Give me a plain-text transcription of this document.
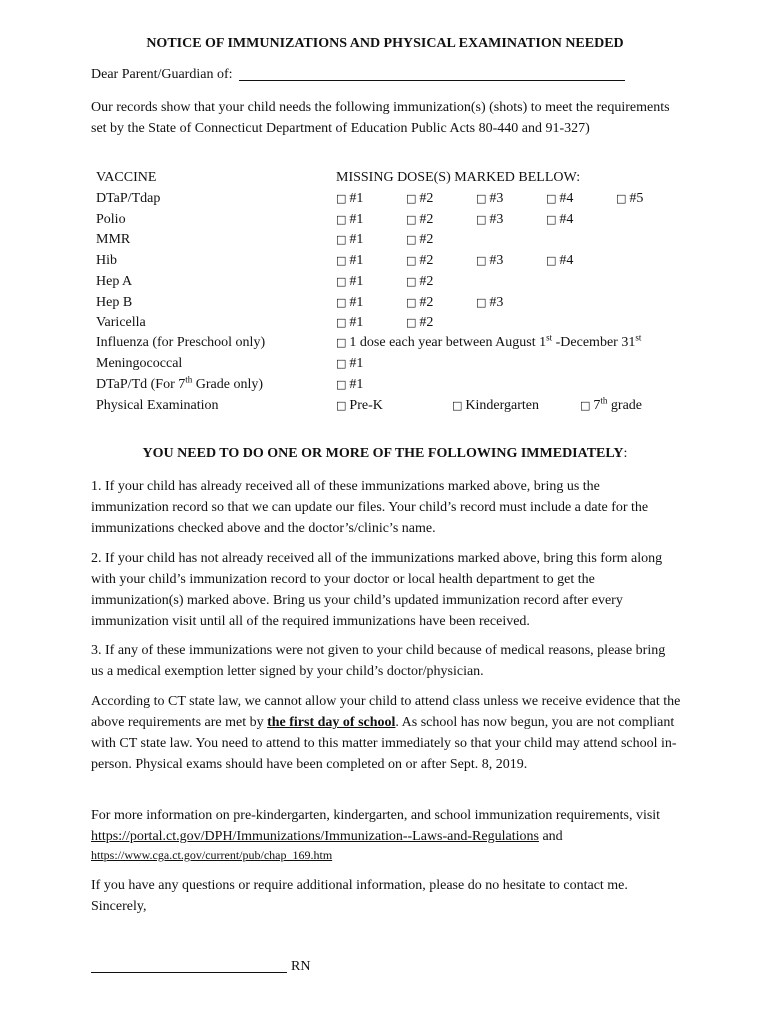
NOTICE OF IMMUNIZATIONS AND PHYSICAL EXAMINATION NEEDED
Dear Parent/Guardian of:
Our records show that your child needs the following immunization(s) (shots) to meet the requirements set by the State of Connecticut Department of Education Public Acts 80-440 and 91-327)
VACCINE	MISSING DOSE(S) MARKED BELLOW:
DTaP/Tdap	□ #1	□ #2	□ #3	□ #4	□ #5
Polio	□ #1	□ #2	□ #3	□ #4
MMR	□ #1	□ #2
Hib	□ #1	□ #2	□ #3	□ #4
Hep A	□ #1	□ #2
Hep B	□ #1	□ #2	□ #3
Varicella	□ #1	□ #2
Influenza (for Preschool only)	□ 1 dose each year between August 1st -December 31st
Meningococcal	□ #1
DTaP/Td (For 7th Grade only)	□ #1
Physical Examination	□ Pre-K	□ Kindergarten	□ 7th grade
YOU NEED TO DO ONE OR MORE OF THE FOLLOWING IMMEDIATELY:
1. If your child has already received all of these immunizations marked above, bring us the immunization record so that we can update our files. Your child’s record must include a date for the immunizations checked above and the doctor’s/clinic’s name.
2. If your child has not already received all of the immunizations marked above, bring this form along with your child’s immunization record to your doctor or local health department to get the immunization(s) marked above. Bring us your child’s updated immunization record after every immunization visit until all of the required immunizations have been received.
3. If any of these immunizations were not given to your child because of medical reasons, please bring us a medical exemption letter signed by your child’s doctor/physician.
According to CT state law, we cannot allow your child to attend class unless we receive evidence that the above requirements are met by the first day of school. As school has now begun, you are not compliant with CT state law. You need to attend to this matter immediately so that your child may attend school in-person. Physical exams should have been completed on or after Sept. 8, 2019.
For more information on pre-kindergarten, kindergarten, and school immunization requirements, visit https://portal.ct.gov/DPH/Immunizations/Immunization--Laws-and-Regulations and
https://www.cga.ct.gov/current/pub/chap_169.htm
If you have any questions or require additional information, please do no hesitate to contact me.
Sincerely,
RN
